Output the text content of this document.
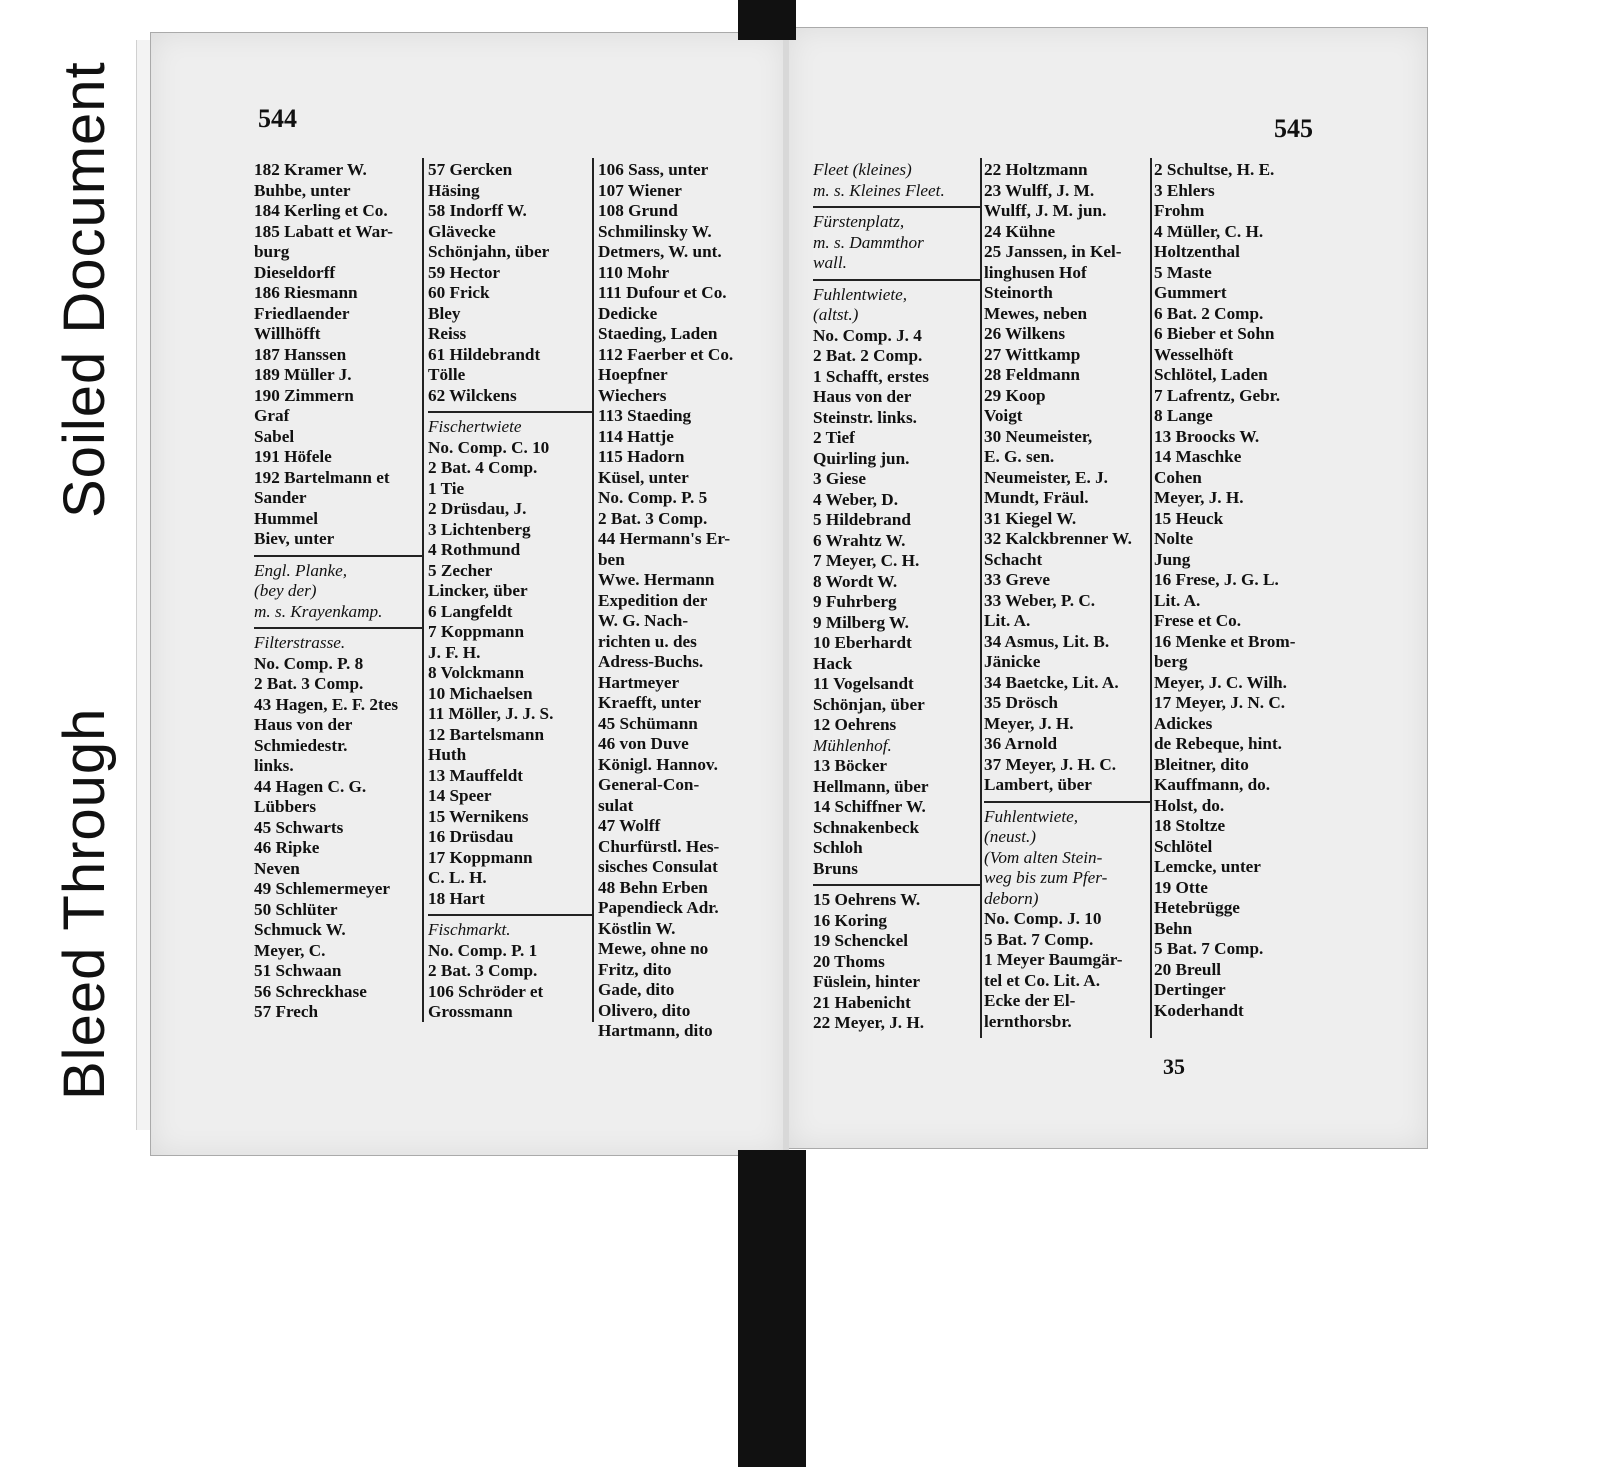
Bleed Through
Soiled Document	544	545
35
182 Kramer W.
Buhbe, unter
184 Kerling et Co.
185 Labatt et War-
burg
Dieseldorff
186 Riesmann
Friedlaender
Willhöfft
187 Hanssen
189 Müller J.
190 Zimmern
Graf
Sabel
191 Höfele
192 Bartelmann et
Sander
Hummel
Biev, unter
Engl. Planke,
(bey der)
m. s. Krayenkamp.
Filterstrasse.
No. Comp. P. 8
2 Bat. 3 Comp.
43 Hagen, E. F. 2tes
Haus von der
Schmiedestr.
links.
44 Hagen C. G.
Lübbers
45 Schwarts
46 Ripke
Neven
49 Schlemermeyer
50 Schlüter
Schmuck W.
Meyer, C.
51 Schwaan
56 Schreckhase
57 Frech
57 Gercken
Häsing
58 Indorff W.
Glävecke
Schönjahn, über
59 Hector
60 Frick
Bley
Reiss
61 Hildebrandt
Tölle
62 Wilckens
Fischertwiete
No. Comp. C. 10
2 Bat. 4 Comp.
1 Tie
2 Drüsdau, J.
3 Lichtenberg
4 Rothmund
5 Zecher
Lincker, über
6 Langfeldt
7 Koppmann
J. F. H.
8 Volckmann
10 Michaelsen
11 Möller, J. J. S.
12 Bartelsmann
Huth
13 Mauffeldt
14 Speer
15 Wernikens
16 Drüsdau
17 Koppmann
C. L. H.
18 Hart
Fischmarkt.
No. Comp. P. 1
2 Bat. 3 Comp.
106 Schröder et
Grossmann
106 Sass, unter
107 Wiener
108 Grund
Schmilinsky W.
Detmers, W. unt.
110 Mohr
111 Dufour et Co.
Dedicke
Staeding, Laden
112 Faerber et Co.
Hoepfner
Wiechers
113 Staeding
114 Hattje
115 Hadorn
Küsel, unter
No. Comp. P. 5
2 Bat. 3 Comp.
44 Hermann's Er-
ben
Wwe. Hermann
Expedition der
W. G. Nach-
richten u. des
Adress-Buchs.
Hartmeyer
Kraefft, unter
45 Schümann
46 von Duve
Königl. Hannov.
General-Con-
sulat
47 Wolff
Churfürstl. Hes-
sisches Consulat
48 Behn Erben
Papendieck Adr.
Köstlin W.
Mewe, ohne no
Fritz, dito
Gade, dito
Olivero, dito
Hartmann, dito
Fleet (kleines)
m. s. Kleines Fleet.
Fürstenplatz,
m. s. Dammthor
wall.
Fuhlentwiete,
(altst.)
No. Comp. J. 4
2 Bat. 2 Comp.
1 Schafft, erstes
Haus von der
Steinstr. links.
2 Tief
Quirling jun.
3 Giese
4 Weber, D.
5 Hildebrand
6 Wrahtz W.
7 Meyer, C. H.
8 Wordt W.
9 Fuhrberg
9 Milberg W.
10 Eberhardt
Hack
11 Vogelsandt
Schönjan, über
12 Oehrens
Mühlenhof.
13 Böcker
Hellmann, über
14 Schiffner W.
Schnakenbeck
Schloh
Bruns
15 Oehrens W.
16 Koring
19 Schenckel
20 Thoms
Füslein, hinter
21 Habenicht
22 Meyer, J. H.
22 Holtzmann
23 Wulff, J. M.
Wulff, J. M. jun.
24 Kühne
25 Janssen, in Kel-
linghusen Hof
Steinorth
Mewes, neben
26 Wilkens
27 Wittkamp
28 Feldmann
29 Koop
Voigt
30 Neumeister,
E. G. sen.
Neumeister, E. J.
Mundt, Fräul.
31 Kiegel W.
32 Kalckbrenner W.
Schacht
33 Greve
33 Weber, P. C.
Lit. A.
34 Asmus, Lit. B.
Jänicke
34 Baetcke, Lit. A.
35 Drösch
Meyer, J. H.
36 Arnold
37 Meyer, J. H. C.
Lambert, über
Fuhlentwiete,
(neust.)
(Vom alten Stein-
weg bis zum Pfer-
deborn)
No. Comp. J. 10
5 Bat. 7 Comp.
1 Meyer Baumgär-
tel et Co. Lit. A.
Ecke der El-
lernthorsbr.
2 Schultse, H. E.
3 Ehlers
Frohm
4 Müller, C. H.
Holtzenthal
5 Maste
Gummert
6 Bat. 2 Comp.
6 Bieber et Sohn
Wesselhöft
Schlötel, Laden
7 Lafrentz, Gebr.
8 Lange
13 Broocks W.
14 Maschke
Cohen
Meyer, J. H.
15 Heuck
Nolte
Jung
16 Frese, J. G. L.
Lit. A.
Frese et Co.
16 Menke et Brom-
berg
Meyer, J. C. Wilh.
17 Meyer, J. N. C.
Adickes
de Rebeque, hint.
Bleitner, dito
Kauffmann, do.
Holst, do.
18 Stoltze
Schlötel
Lemcke, unter
19 Otte
Hetebrügge
Behn
5 Bat. 7 Comp.
20 Breull
Dertinger
Koderhandt
